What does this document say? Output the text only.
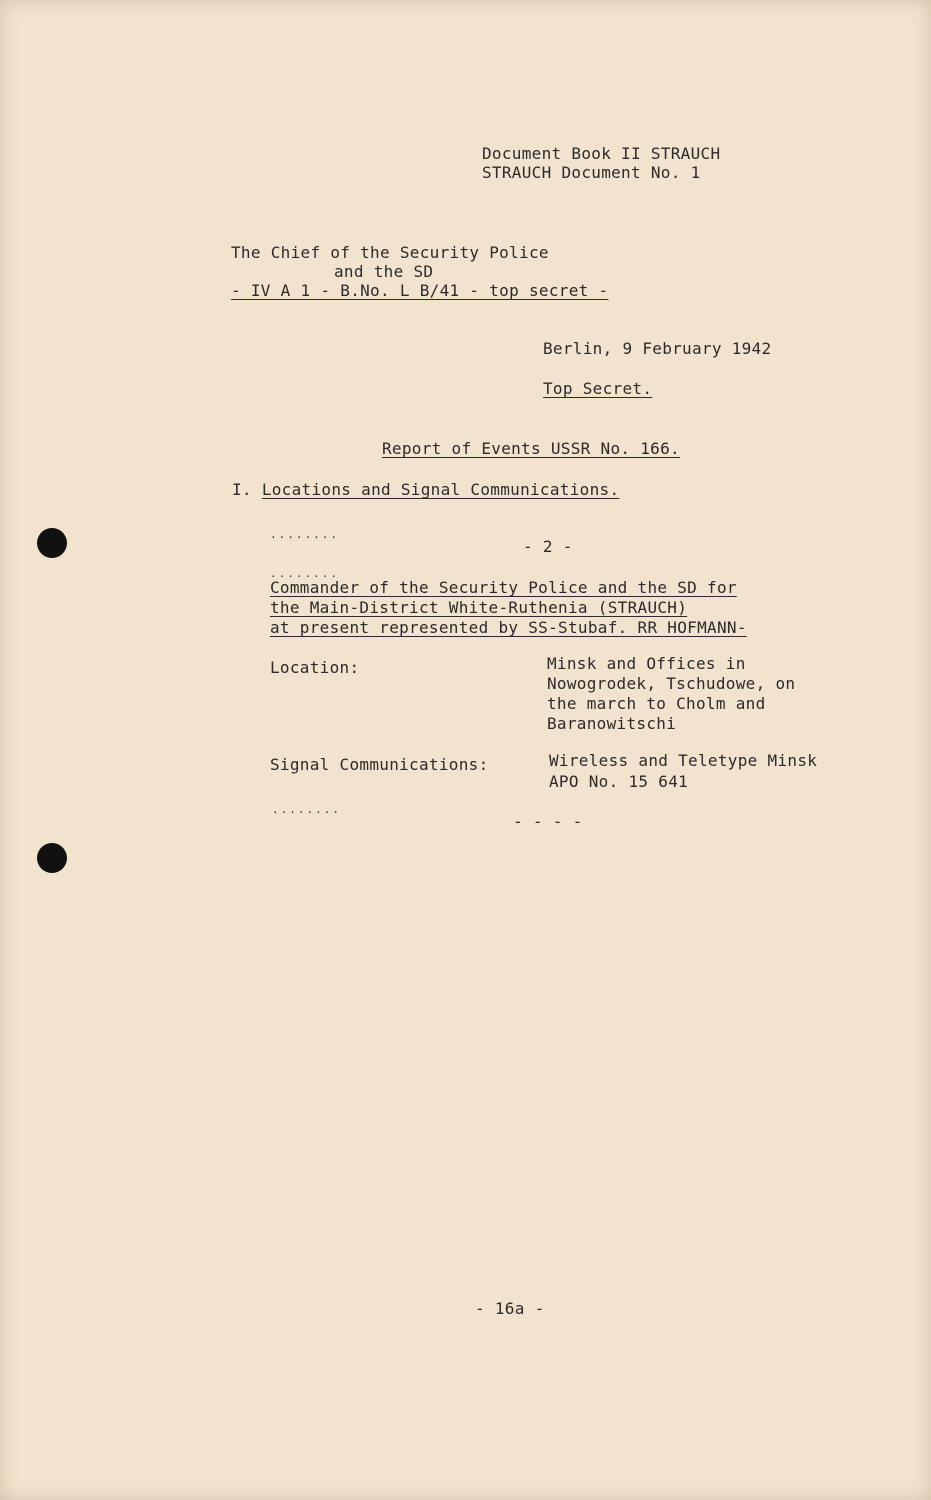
Document Book II STRAUCH
STRAUCH Document No. 1
The Chief of the Security Police
and the SD
- IV A 1 - B.No. L B/41 - top secret -
Berlin, 9 February 1942
Top Secret.
Report of Events USSR No. 166.
I. Locations and Signal Communications.
........
- 2 -
........
Commander of the Security Police and the SD for
the Main-District White-Ruthenia (STRAUCH)
at present represented by SS-Stubaf. RR HOFMANN-
Location:	Minsk and Offices in
Nowogrodek, Tschudowe, on
the march to Cholm and
Baranowitschi
Signal Communications:	Wireless and Teletype Minsk
APO No. 15 641
........
- - - -
- 16a -
